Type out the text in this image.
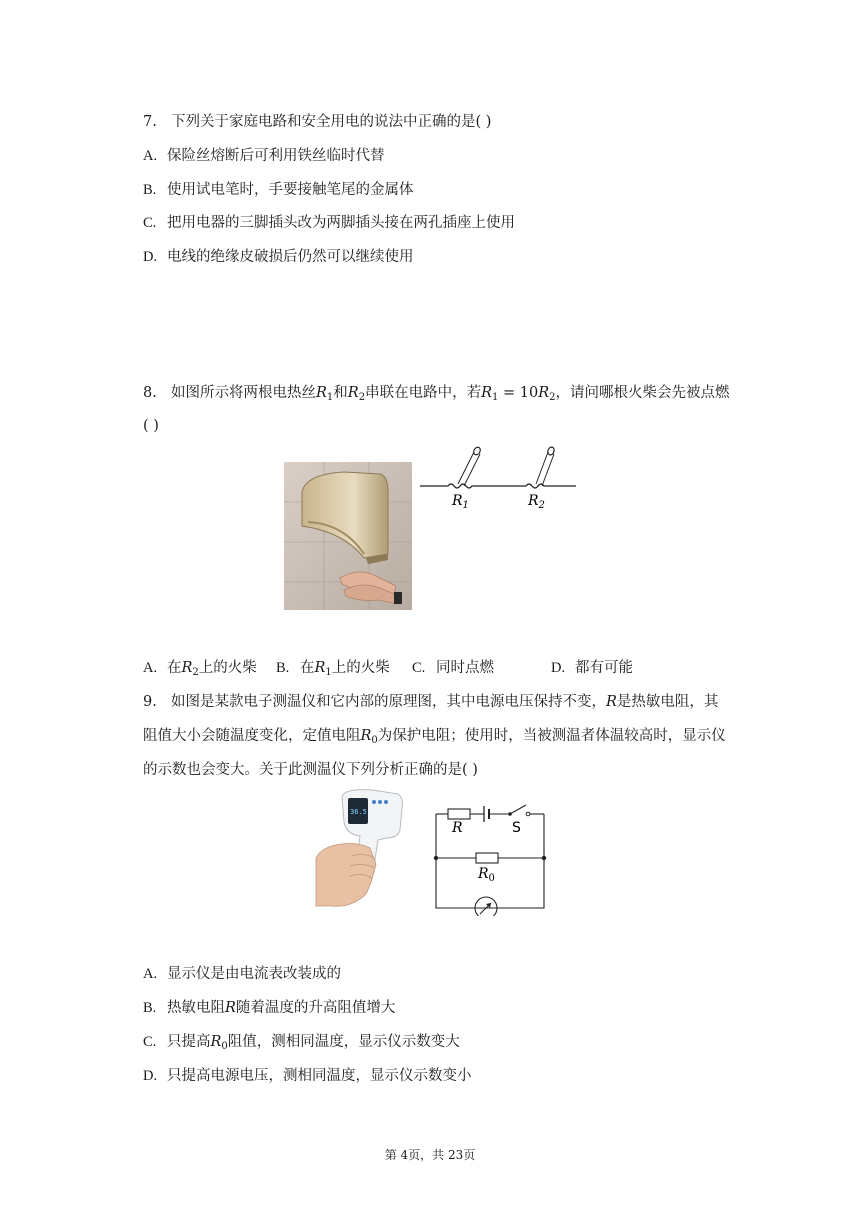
7. 下列关于家庭电路和安全用电的说法中正确的是( )
A. 保险丝熔断后可利用铁丝临时代替
B. 使用试电笔时，手要接触笔尾的金属体
C. 把用电器的三脚插头改为两脚插头接在两孔插座上使用
D. 电线的绝缘皮破损后仍然可以继续使用
8. 如图所示将两根电热丝$R_1$和$R_2$串联在电路中，若$R_1 = 10R_2$，请问哪根火柴会先被点燃
( )
$R_1$	$R_2$
A. 在$R_2$上的火柴 B. 在$R_1$上的火柴 C. 同时点燃	D. 都有可能
9. 如图是某款电子测温仪和它内部的原理图，其中电源电压保持不变，R是热敏电阻，其
阻值大小会随温度变化，定值电阻$R_0$为保护电阻；使用时，当被测温者体温较高时，显示仪
的示数也会变大。关于此测温仪下列分析正确的是( )
36.5
R	S
$R_0$
A. 显示仪是由电流表改装成的
B. 热敏电阻R随着温度的升高阻值增大
C. 只提高$R_0$阻值，测相同温度，显示仪示数变大
D. 只提高电源电压，测相同温度，显示仪示数变小
第 4页，共 23页
